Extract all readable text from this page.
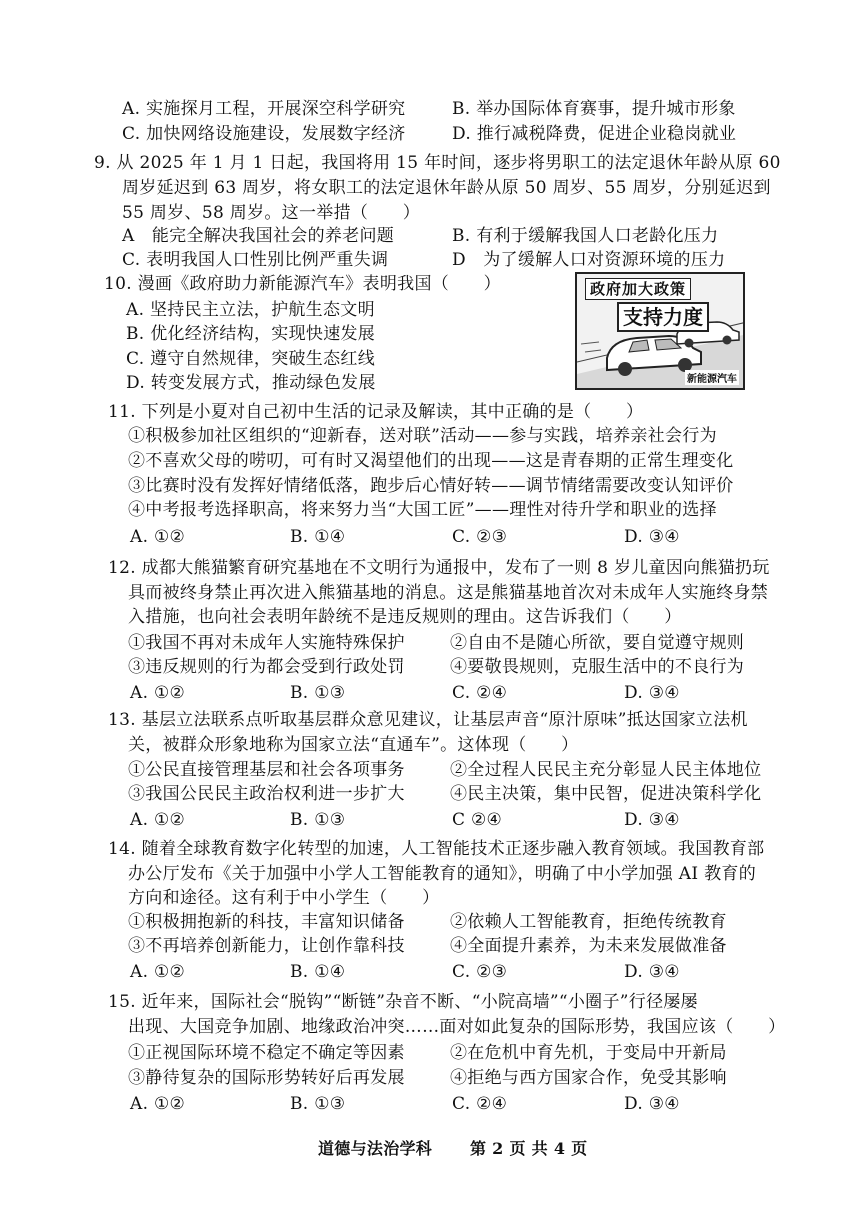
A. 实施探月工程，开展深空科学研究	B. 举办国际体育赛事，提升城市形象
C. 加快网络设施建设，发展数字经济	D. 推行减税降费，促进企业稳岗就业
9. 从 2025 年 1 月 1 日起，我国将用 15 年时间，逐步将男职工的法定退休年龄从原 60
周岁延迟到 63 周岁，将女职工的法定退休年龄从原 50 周岁、55 周岁，分别延迟到
55 周岁、58 周岁。这一举措（　　）
A　能完全解决我国社会的养老问题	B. 有利于缓解我国人口老龄化压力
C. 表明我国人口性别比例严重失调	D　为了缓解人口对资源环境的压力
10. 漫画《政府助力新能源汽车》表明我国（　　）
A. 坚持民主立法，护航生态文明
B. 优化经济结构，实现快速发展
C. 遵守自然规律，突破生态红线
D. 转变发展方式，推动绿色发展
政府加大政策
支持力度
新能源汽车
11. 下列是小夏对自己初中生活的记录及解读，其中正确的是（　　）
①积极参加社区组织的“迎新春，送对联”活动——参与实践，培养亲社会行为
②不喜欢父母的唠叨，可有时又渴望他们的出现——这是青春期的正常生理变化
③比赛时没有发挥好情绪低落，跑步后心情好转——调节情绪需要改变认知评价
④中考报考选择职高，将来努力当“大国工匠”——理性对待升学和职业的选择
A. ①②	B. ①④	C. ②③	D. ③④
12. 成都大熊猫繁育研究基地在不文明行为通报中，发布了一则 8 岁儿童因向熊猫扔玩
具而被终身禁止再次进入熊猫基地的消息。这是熊猫基地首次对未成年人实施终身禁
入措施，也向社会表明年龄统不是违反规则的理由。这告诉我们（　　）
①我国不再对未成年人实施特殊保护	②自由不是随心所欲，要自觉遵守规则
③违反规则的行为都会受到行政处罚	④要敬畏规则，克服生活中的不良行为
A. ①②	B. ①③	C. ②④	D. ③④
13. 基层立法联系点听取基层群众意见建议，让基层声音“原汁原味”抵达国家立法机
关，被群众形象地称为国家立法“直通车”。这体现（　　）
①公民直接管理基层和社会各项事务	②全过程人民民主充分彰显人民主体地位
③我国公民民主政治权利进一步扩大	④民主决策，集中民智，促进决策科学化
A. ①②	B. ①③	C ②④	D. ③④
14. 随着全球教育数字化转型的加速，人工智能技术正逐步融入教育领域。我国教育部
办公厅发布《关于加强中小学人工智能教育的通知》，明确了中小学加强 AI 教育的
方向和途径。这有利于中小学生（　　）
①积极拥抱新的科技，丰富知识储备	②依赖人工智能教育，拒绝传统教育
③不再培养创新能力，让创作靠科技	④全面提升素养，为未来发展做准备
A. ①②	B. ①④	C. ②③	D. ③④
15. 近年来，国际社会“脱钩”“断链”杂音不断、“小院高墙”“小圈子”行径屡屡
出现、大国竞争加剧、地缘政治冲突……面对如此复杂的国际形势，我国应该（　　）
①正视国际环境不稳定不确定等因素	②在危机中育先机，于变局中开新局
③静待复杂的国际形势转好后再发展	④拒绝与西方国家合作，免受其影响
A. ①②	B. ①③	C. ②④	D. ③④
道德与法治学科 第 2 页 共 4 页
